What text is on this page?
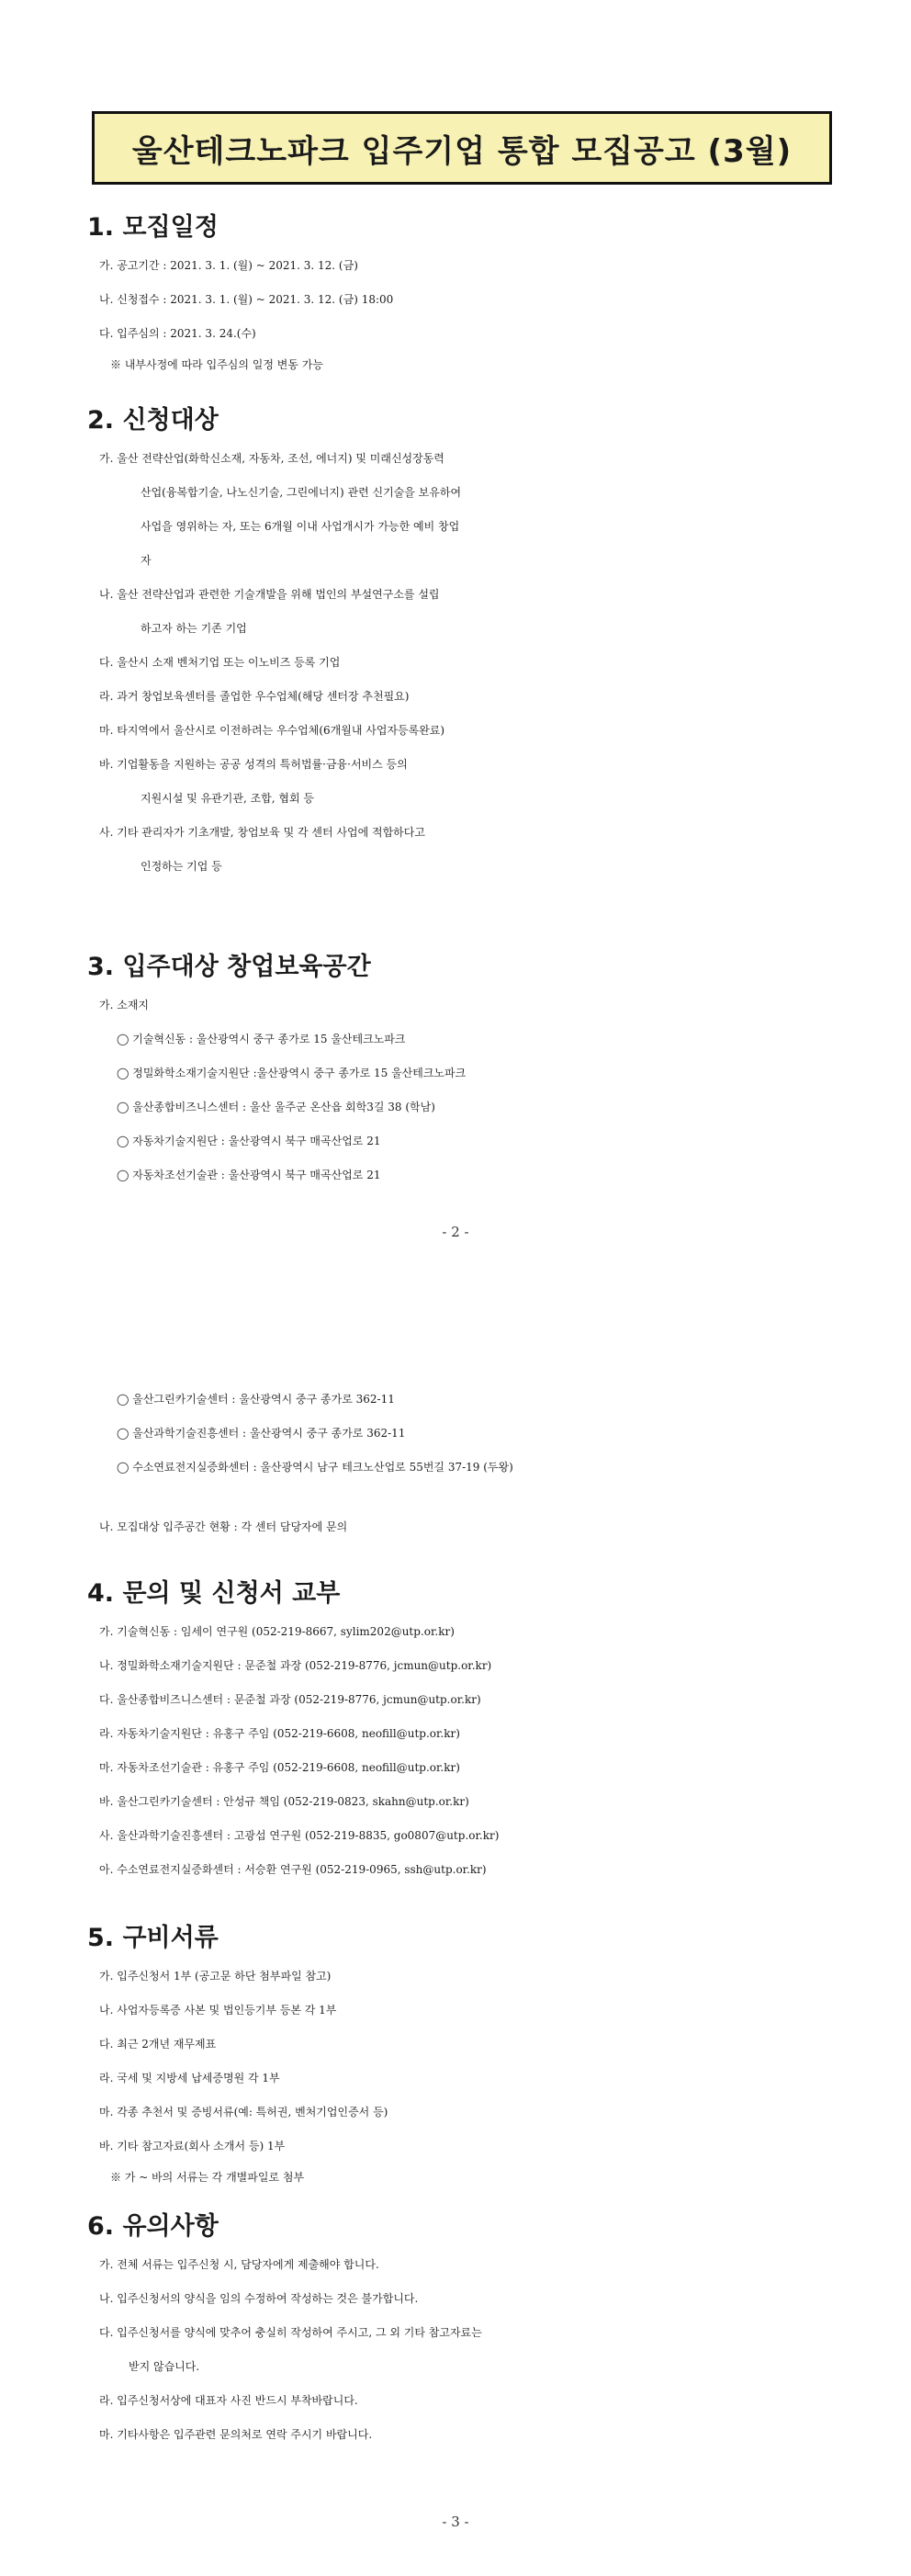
울산테크노파크 입주기업 통합 모집공고 (3월)
1. 모집일정

가. 공고기간 : 2021. 3. 1. (월) ~ 2021. 3. 12. (금)

나. 신청접수 : 2021. 3. 1. (월) ~ 2021. 3. 12. (금) 18:00

다. 입주심의 : 2021. 3. 24.(수)

※ 내부사정에 따라 입주심의 일정 변동 가능

2. 신청대상

가. 울산 전략산업(화학신소재, 자동차, 조선, 에너지) 및 미래신성장동력

산업(융복합기술, 나노신기술, 그린에너지) 관련 신기술을 보유하여

사업을 영위하는 자, 또는 6개월 이내 사업개시가 가능한 예비 창업

자

나. 울산 전략산업과 관련한 기술개발을 위해 법인의 부설연구소를 설립

하고자 하는 기존 기업

다. 울산시 소재 벤처기업 또는 이노비즈 등록 기업

라. 과거 창업보육센터를 졸업한 우수업체(해당 센터장 추천필요)

마. 타지역에서 울산시로 이전하려는 우수업체(6개월내 사업자등록완료)

바. 기업활동을 지원하는 공공 성격의 특허법률·금융·서비스 등의

지원시설 및 유관기관, 조합, 협회 등

사. 기타 관리자가 기초개발, 창업보육 및 각 센터 사업에 적합하다고

인정하는 기업 등

3. 입주대상 창업보육공간

가. 소재지

◯ 기술혁신동 : 울산광역시 중구 종가로 15 울산테크노파크

◯ 정밀화학소재기술지원단 :울산광역시 중구 종가로 15 울산테크노파크

◯ 울산종합비즈니스센터 : 울산 울주군 온산읍 회학3길 38 (학남)

◯ 자동차기술지원단 : 울산광역시 북구 매곡산업로 21

◯ 자동차조선기술관 : 울산광역시 북구 매곡산업로 21

- 2 -

◯ 울산그린카기술센터 : 울산광역시 중구 종가로 362-11

◯ 울산과학기술진흥센터 : 울산광역시 중구 종가로 362-11

◯ 수소연료전지실증화센터 : 울산광역시 남구 테크노산업로 55번길 37-19 (두왕)

나. 모집대상 입주공간 현황 : 각 센터 담당자에 문의

4. 문의 및 신청서 교부

가. 기술혁신동 : 임세이 연구원 (052-219-8667, sylim202@utp.or.kr)

나. 정밀화학소재기술지원단 : 문준철 과장 (052-219-8776, jcmun@utp.or.kr)

다. 울산종합비즈니스센터 : 문준철 과장 (052-219-8776, jcmun@utp.or.kr)

라. 자동차기술지원단 : 유홍구 주임 (052-219-6608, neofill@utp.or.kr)

마. 자동차조선기술관 : 유홍구 주임 (052-219-6608, neofill@utp.or.kr)

바. 울산그린카기술센터 : 안성규 책임 (052-219-0823, skahn@utp.or.kr)

사. 울산과학기술진흥센터 : 고광섭 연구원 (052-219-8835, go0807@utp.or.kr)

아. 수소연료전지실증화센터 : 서승환 연구원 (052-219-0965, ssh@utp.or.kr)

5. 구비서류

가. 입주신청서 1부 (공고문 하단 첨부파일 참고)

나. 사업자등록증 사본 및 법인등기부 등본 각 1부

다. 최근 2개년 재무제표

라. 국세 및 지방세 납세증명원 각 1부

마. 각종 추천서 및 증빙서류(예: 특허권, 벤처기업인증서 등)

바. 기타 참고자료(회사 소개서 등) 1부

※ 가 ~ 바의 서류는 각 개별파일로 첨부

6. 유의사항

가. 전체 서류는 입주신청 시, 담당자에게 제출해야 합니다.

나. 입주신청서의 양식을 임의 수정하여 작성하는 것은 불가합니다.

다. 입주신청서를 양식에 맞추어 충실히 작성하여 주시고, 그 외 기타 참고자료는

받지 않습니다.

라. 입주신청서상에 대표자 사진 반드시 부착바랍니다.

마. 기타사항은 입주관련 문의처로 연락 주시기 바랍니다.

- 3 -
